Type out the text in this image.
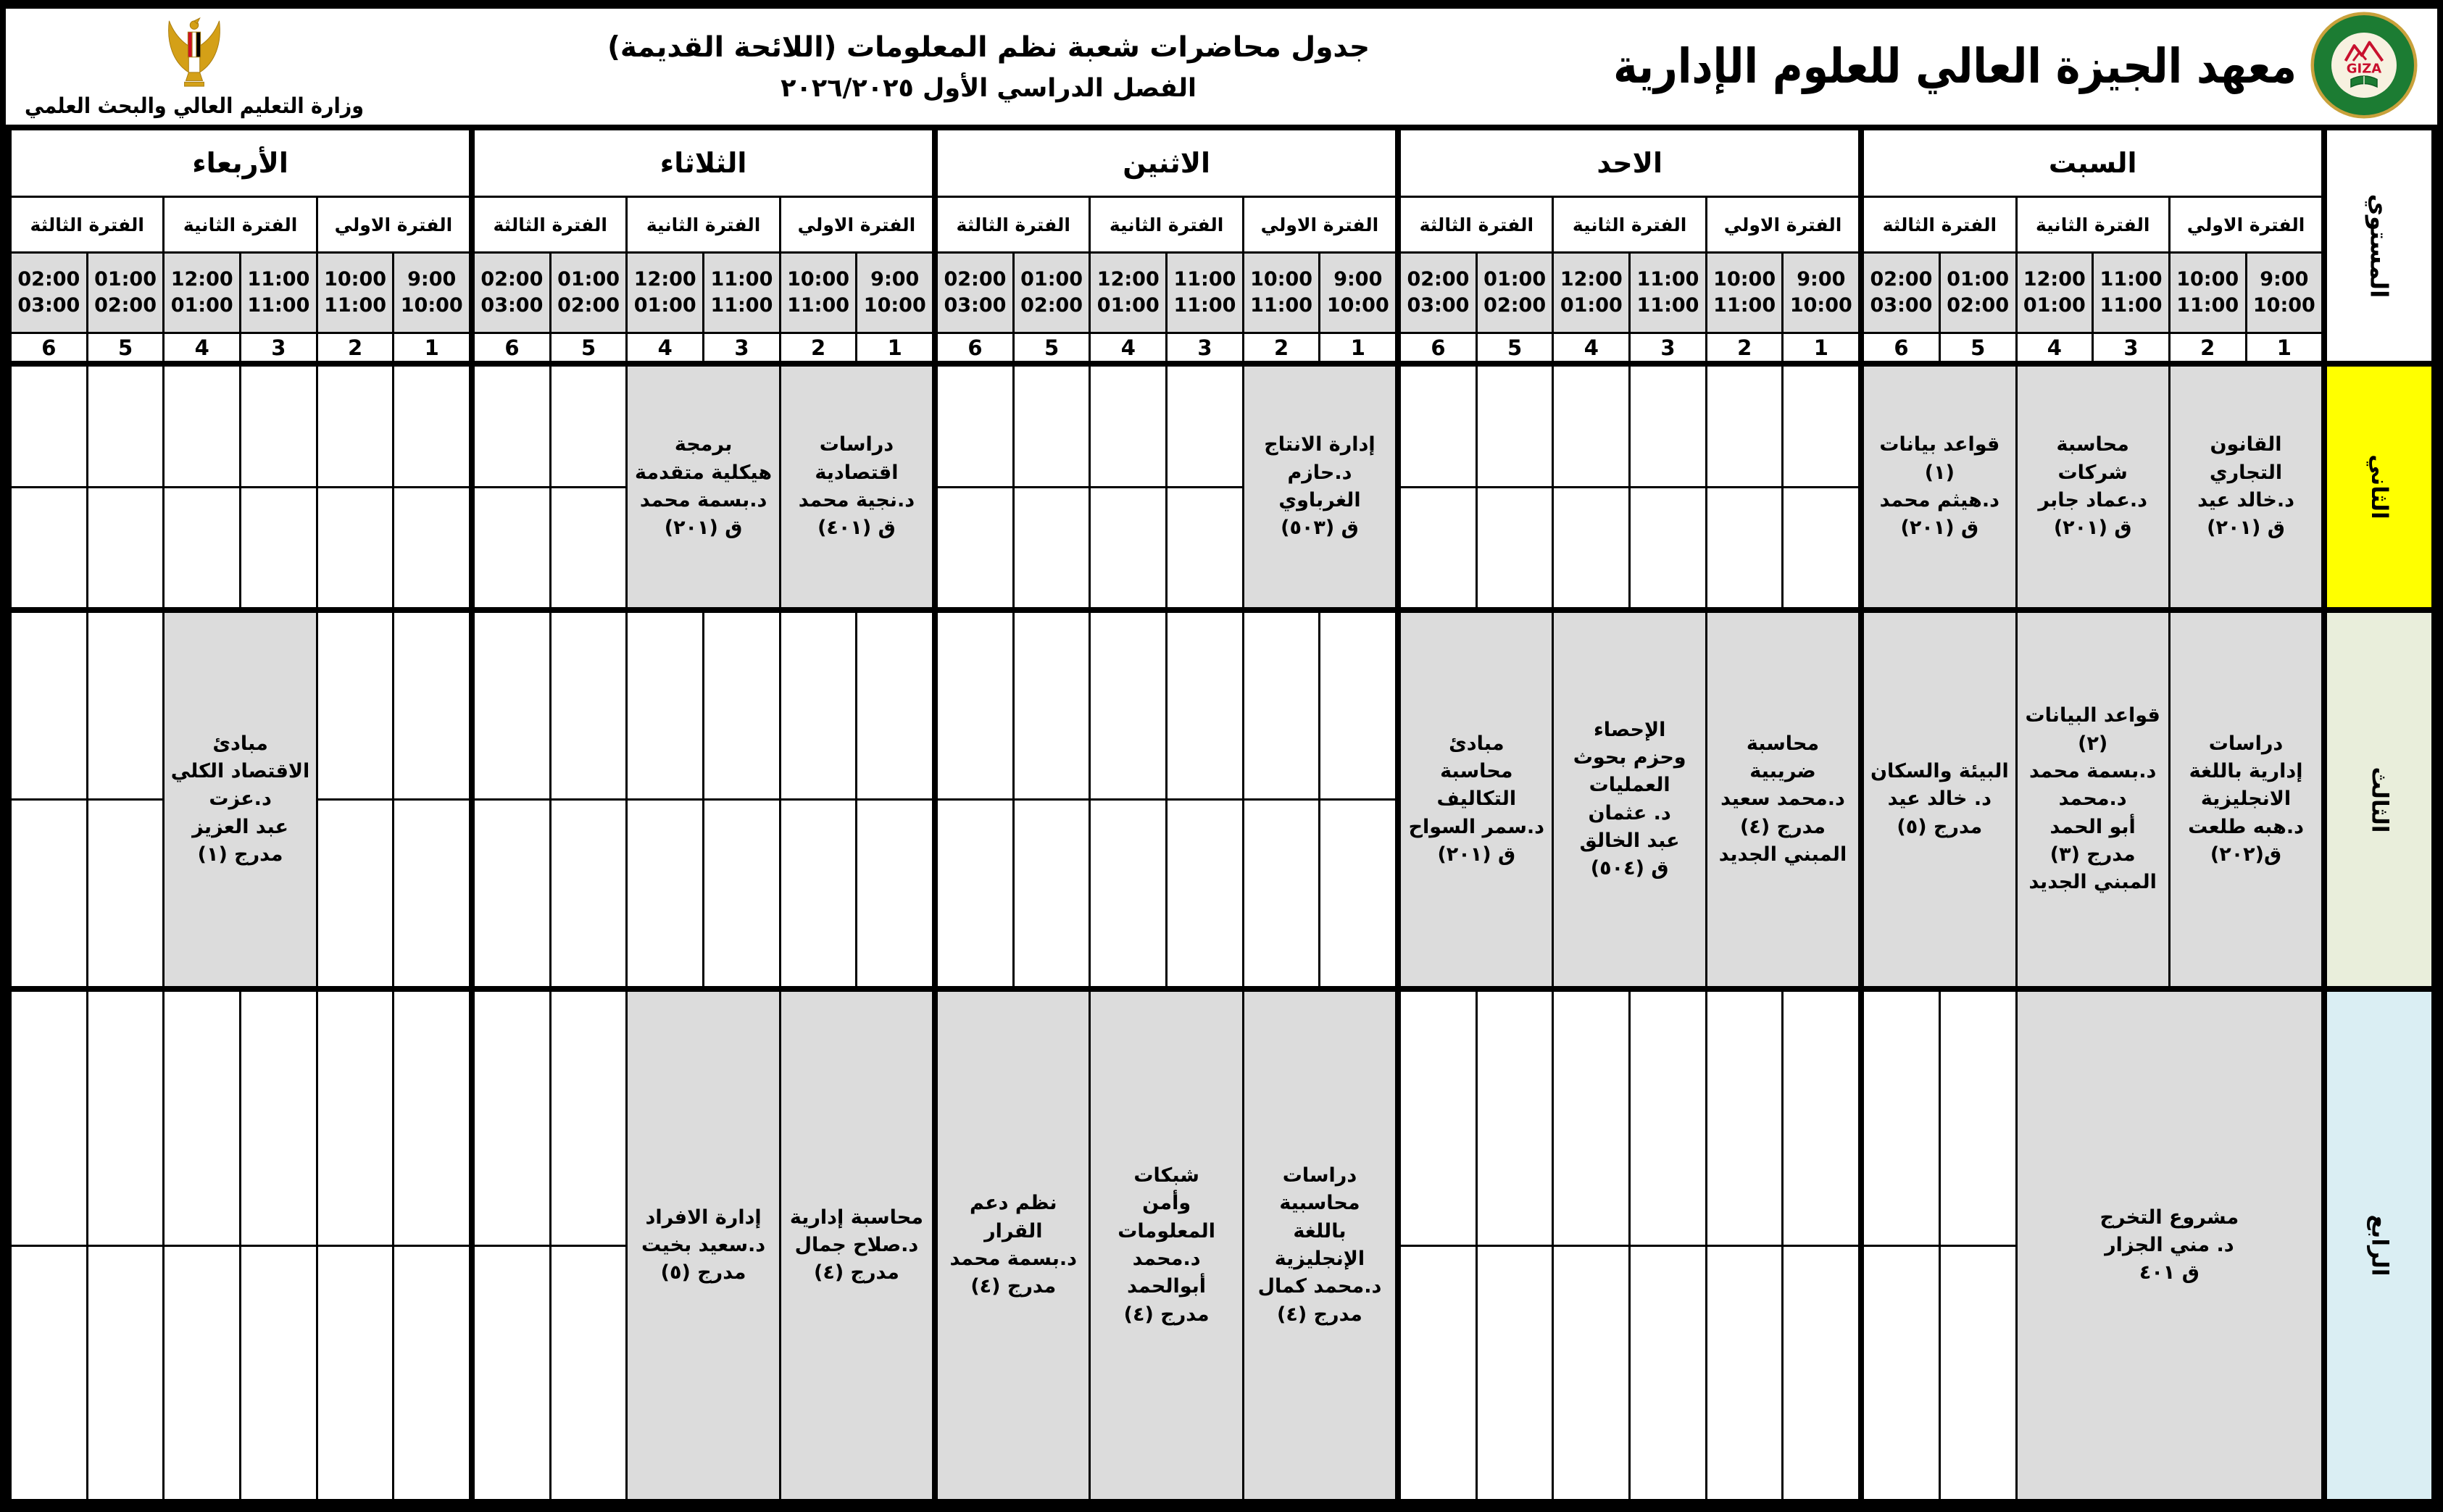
GIZA
معهد الجيزة العالي للعلوم الإدارية
جدول محاضرات شعبة نظم المعلومات (اللائحة القديمة)
الفصل الدراسي الأول ٢٠٢٦/٢٠٢٥
وزارة التعليم العالي والبحث العلمي
المستوي
الثاني
الثالث
الرابع
السبت
الفترة الاولي
الفترة الثانية
الفترة الثالثة
9:00
10:00
10:00
11:00
11:00
11:00
12:00
01:00
01:00
02:00
02:00
03:00
1
2
3
4
5
6
القانون
التجاري
د.خالد عيد
ق (٢٠١)
محاسبة
شركات
د.عماد جابر
ق (٢٠١)
قواعد بيانات
(١)
د.هيثم محمد
ق (٢٠١)
دراسات
إدارية باللغة
الانجليزية
د.هبه طلعت
ق(٢٠٢)
قواعد البيانات
(٢)
د.بسمة محمد
د.محمد
أبو الحمد
مدرج (٣)
المبني الجديد
البيئة والسكان
د. خالد عيد
مدرج (٥)
مشروع التخرج
د. مني الجزار
ق ٤٠١
الاحد
الفترة الاولي
الفترة الثانية
الفترة الثالثة
9:00
10:00
10:00
11:00
11:00
11:00
12:00
01:00
01:00
02:00
02:00
03:00
1
2
3
4
5
6
محاسبة
ضريبية
د.محمد سعيد
مدرج (٤)
المبني الجديد
الإحصاء
وحزم بحوث
العمليات
د. عثمان
عبد الخالق
ق (٥٠٤)
مبادئ
محاسبة
التكاليف
د.سمر السواح
ق (٢٠١)
الاثنين
الفترة الاولي
الفترة الثانية
الفترة الثالثة
9:00
10:00
10:00
11:00
11:00
11:00
12:00
01:00
01:00
02:00
02:00
03:00
1
2
3
4
5
6
إدارة الانتاج
د.حازم
الغرباوي
ق (٥٠٣)
دراسات
محاسبية
باللغة
الإنجليزية
د.محمد كمال
مدرج (٤)
شبكات
وأمن
المعلومات
د.محمد
أبوالحمد
مدرج (٤)
نظم دعم
القرار
د.بسمة محمد
مدرج (٤)
الثلاثاء
الفترة الاولي
الفترة الثانية
الفترة الثالثة
9:00
10:00
10:00
11:00
11:00
11:00
12:00
01:00
01:00
02:00
02:00
03:00
1
2
3
4
5
6
دراسات
اقتصادية
د.نجية محمد
ق (٤٠١)
برمجة
هيكلية متقدمة
د.بسمة محمد
ق (٢٠١)
محاسبة إدارية
د.صلاح جمال
مدرج (٤)
إدارة الافراد
د.سعيد بخيت
مدرج (٥)
الأربعاء
الفترة الاولي
الفترة الثانية
الفترة الثالثة
9:00
10:00
10:00
11:00
11:00
11:00
12:00
01:00
01:00
02:00
02:00
03:00
1
2
3
4
5
6
مبادئ
الاقتصاد الكلي
د.عزت
عبد العزيز
مدرج (١)
